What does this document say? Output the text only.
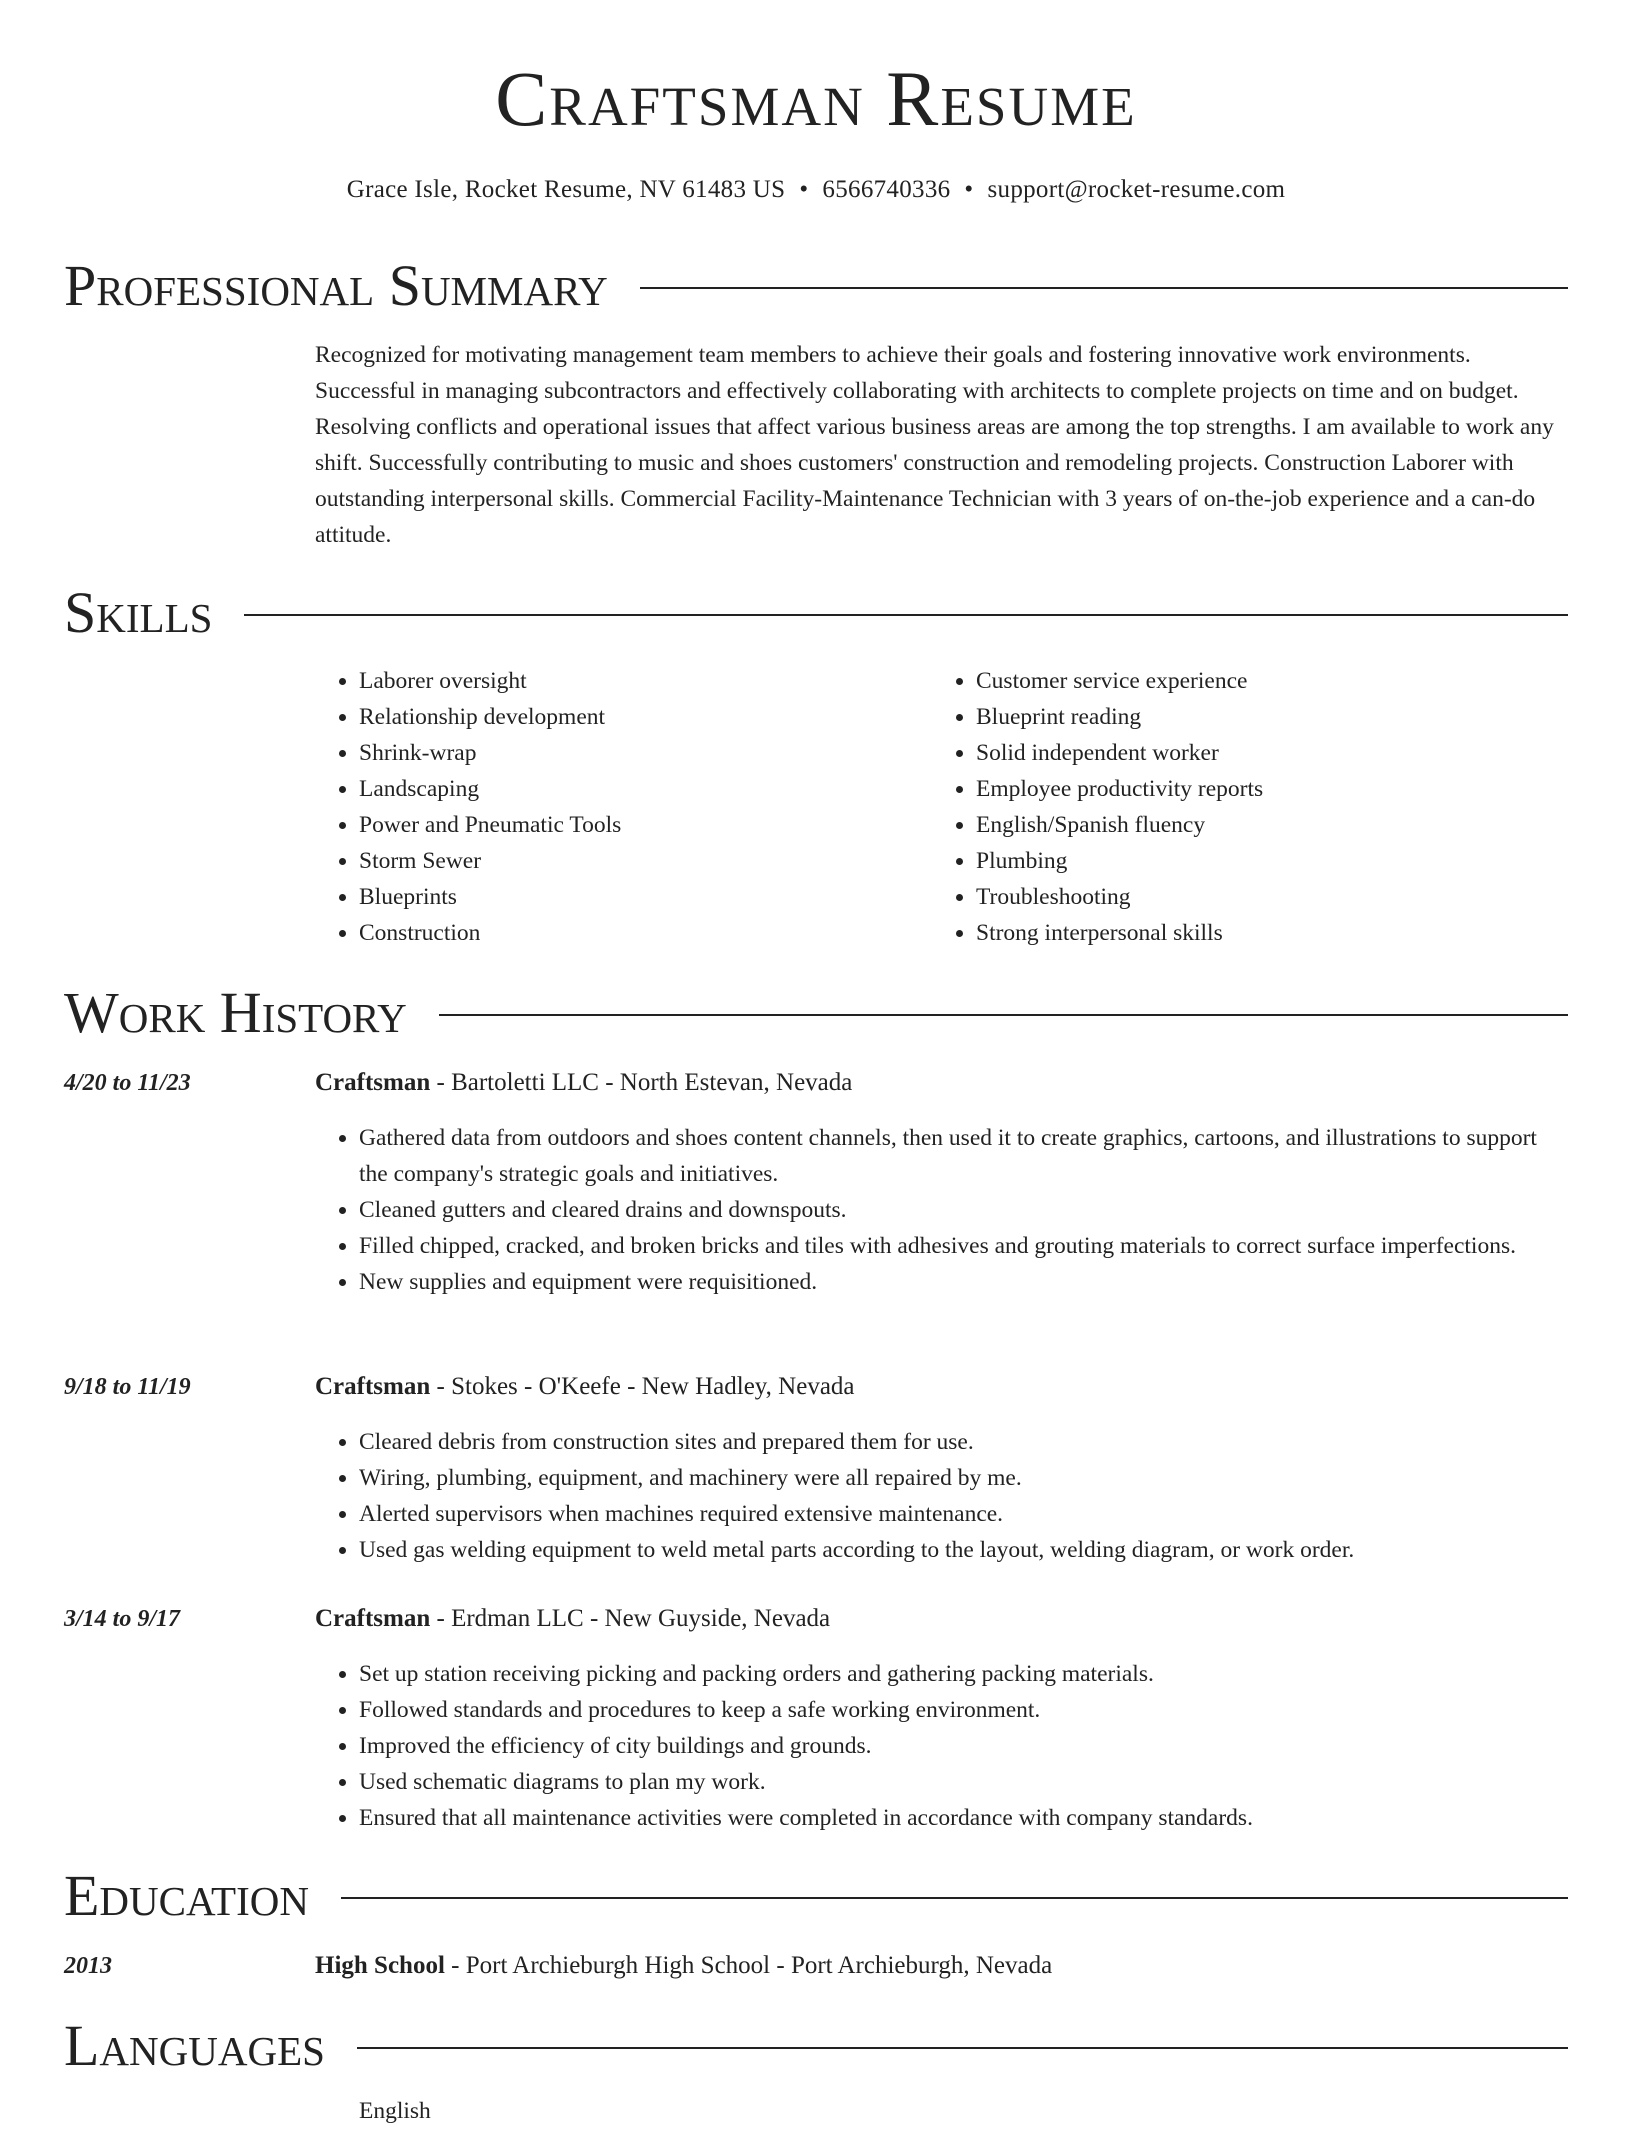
Craftsman Resume
Grace Isle, Rocket Resume, NV 61483 US • 6566740336 • support@rocket-resume.com
Professional Summary

Recognized for motivating management team members to achieve their goals and fostering innovative work environments. Successful in managing subcontractors and effectively collaborating with architects to complete projects on time and on budget. Resolving conflicts and operational issues that affect various business areas are among the top strengths. I am available to work any shift. Successfully contributing to music and shoes customers' construction and remodeling projects. Construction Laborer with outstanding interpersonal skills. Commercial Facility-Maintenance Technician with 3 years of on-the-job experience and a can-do attitude.

Skills
• Laborer oversight
• Relationship development
• Shrink-wrap
• Landscaping
• Power and Pneumatic Tools
• Storm Sewer
• Blueprints
• Construction
• Customer service experience
• Blueprint reading
• Solid independent worker
• Employee productivity reports
• English/Spanish fluency
• Plumbing
• Troubleshooting
• Strong interpersonal skills
Work History
4/20 to 11/23	Craftsman - Bartoletti LLC - North Estevan, Nevada
• Gathered data from outdoors and shoes content channels, then used it to create graphics, cartoons, and illustrations to support the company's strategic goals and initiatives.
• Cleaned gutters and cleared drains and downspouts.
• Filled chipped, cracked, and broken bricks and tiles with adhesives and grouting materials to correct surface imperfections.
• New supplies and equipment were requisitioned.
9/18 to 11/19	Craftsman - Stokes - O'Keefe - New Hadley, Nevada
• Cleared debris from construction sites and prepared them for use.
• Wiring, plumbing, equipment, and machinery were all repaired by me.
• Alerted supervisors when machines required extensive maintenance.
• Used gas welding equipment to weld metal parts according to the layout, welding diagram, or work order.
3/14 to 9/17	Craftsman - Erdman LLC - New Guyside, Nevada
• Set up station receiving picking and packing orders and gathering packing materials.
• Followed standards and procedures to keep a safe working environment.
• Improved the efficiency of city buildings and grounds.
• Used schematic diagrams to plan my work.
• Ensured that all maintenance activities were completed in accordance with company standards.
Education
2013	High School - Port Archieburgh High School - Port Archieburgh, Nevada
Languages
English
